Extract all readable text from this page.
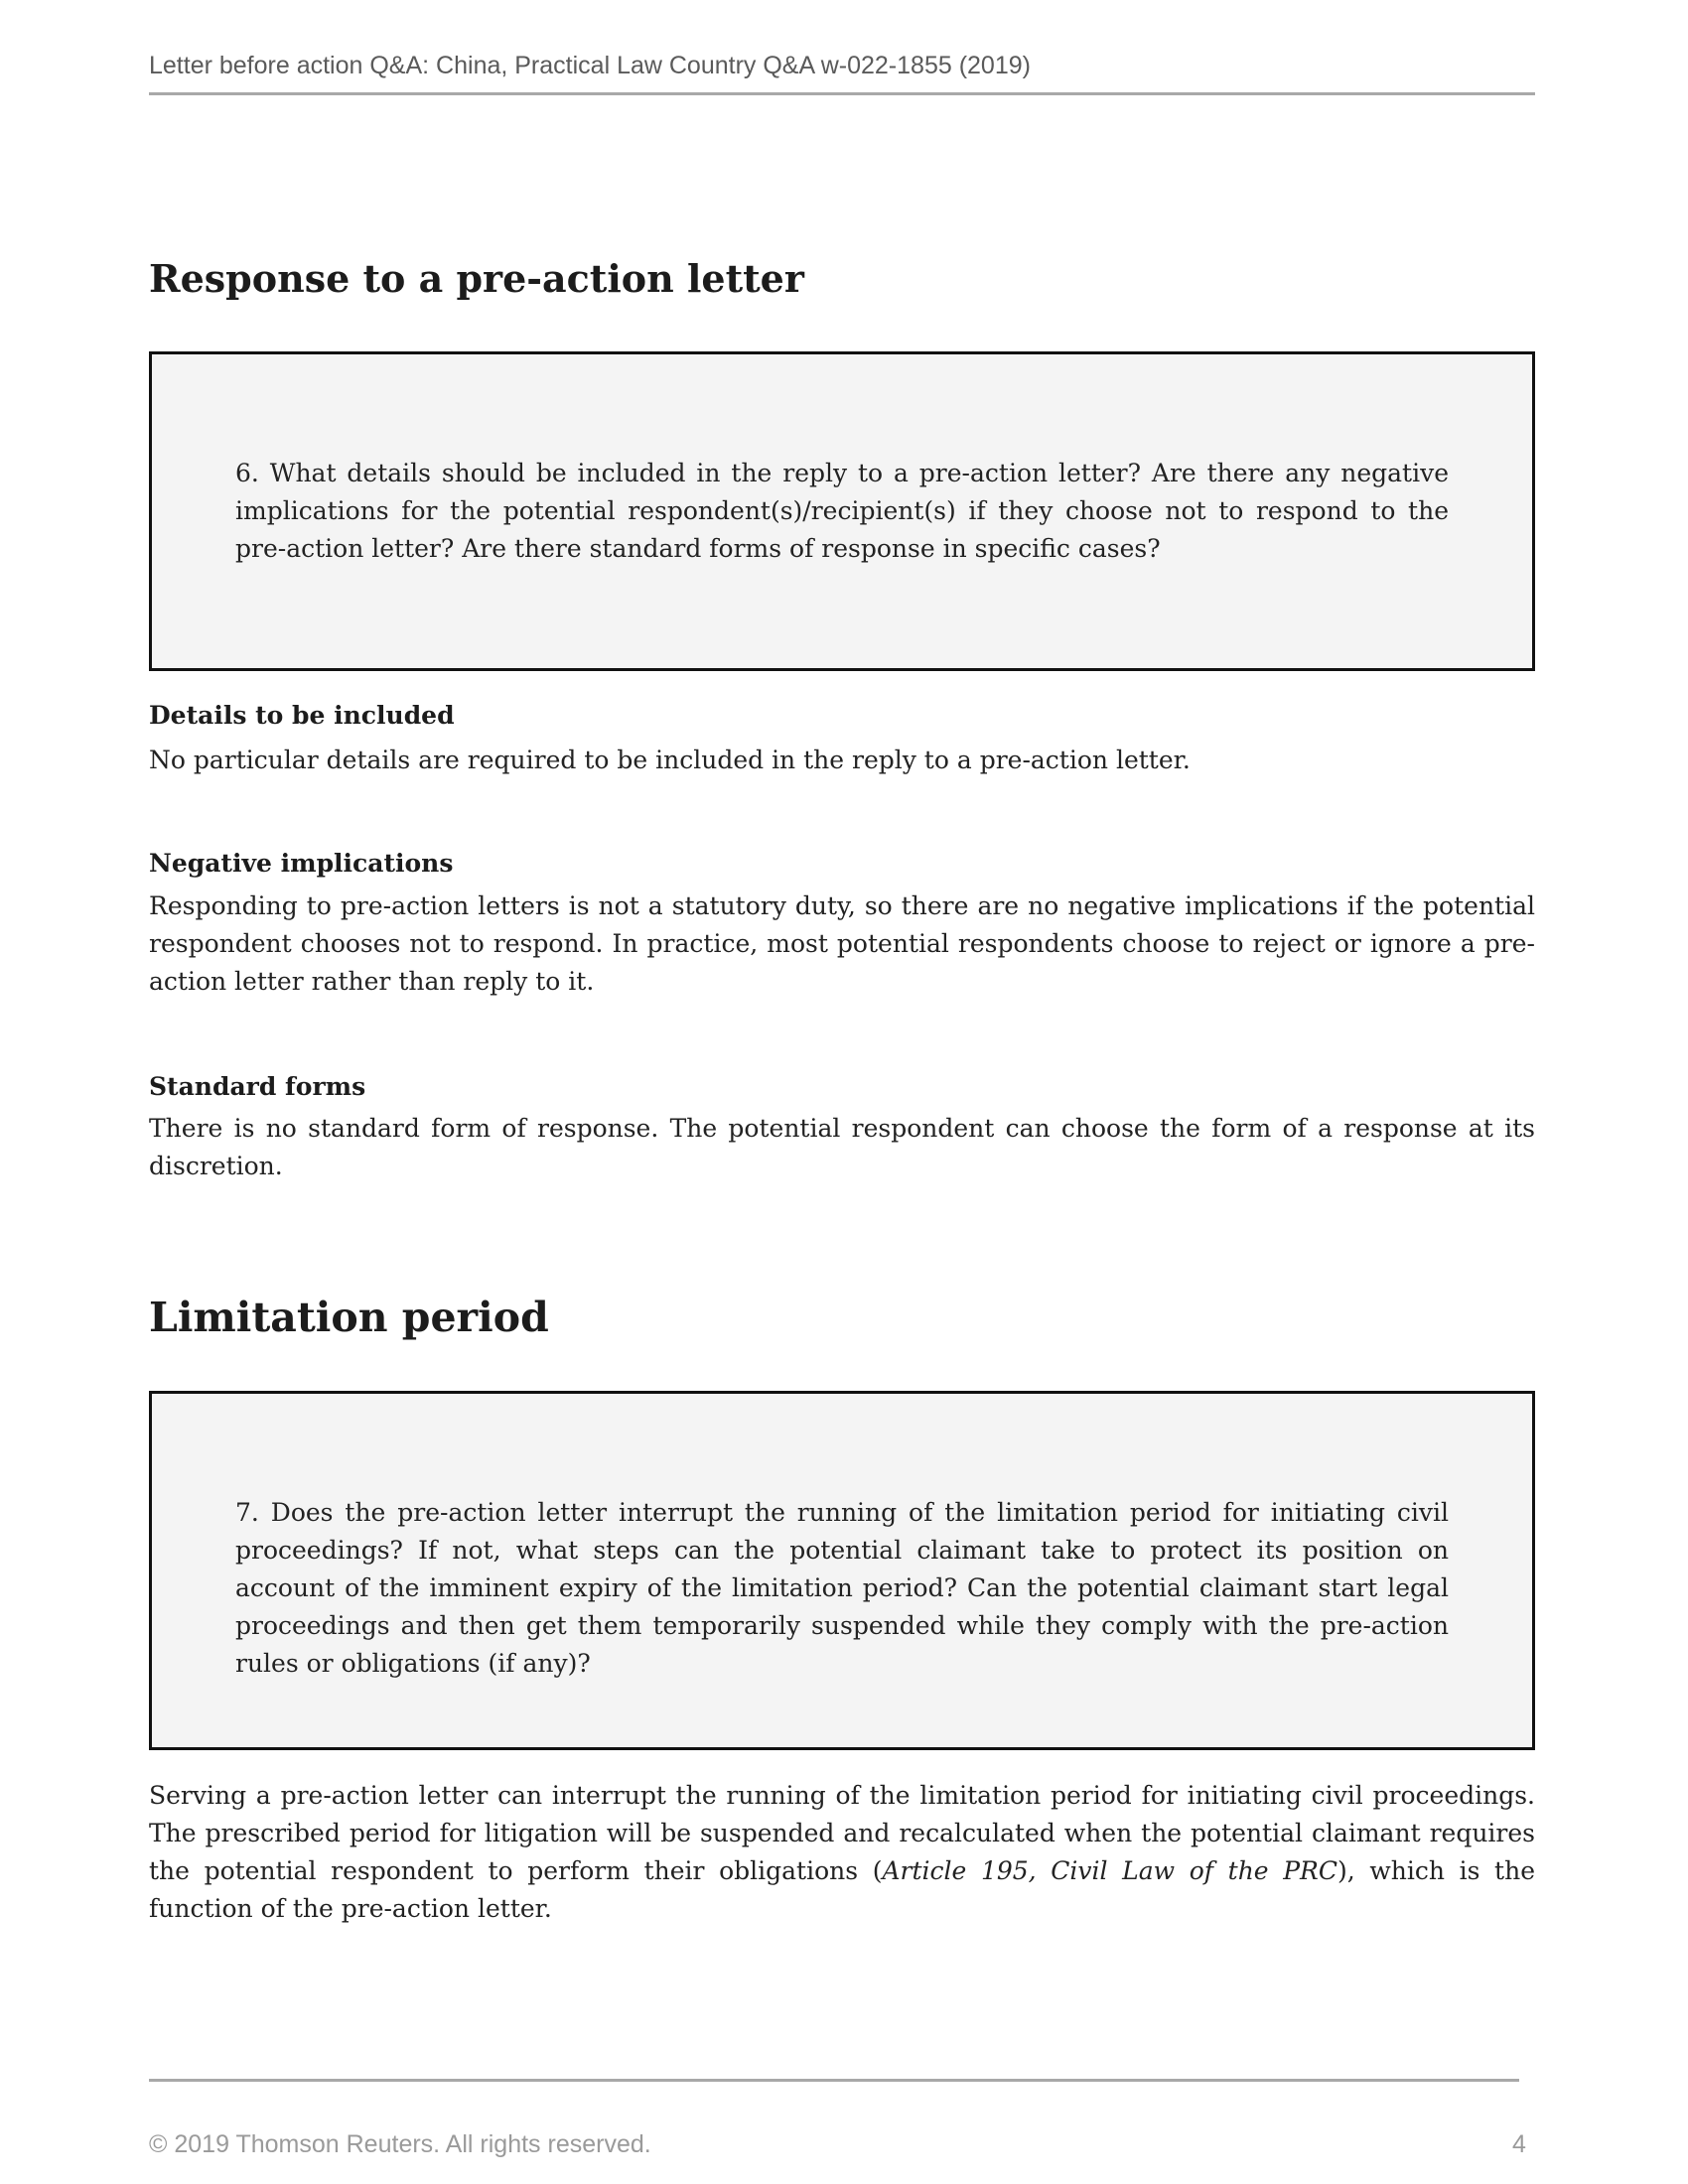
Letter before action Q&A: China, Practical Law Country Q&A w-022-1855 (2019)
Response to a pre-action letter

6. What details should be included in the reply to a pre-action letter? Are there any negative implications for the potential respondent(s)/recipient(s) if they choose not to respond to the pre-action letter? Are there standard forms of response in specific cases?

Details to be included

No particular details are required to be included in the reply to a pre-action letter.

Negative implications

Responding to pre-action letters is not a statutory duty, so there are no negative implications if the potential respondent chooses not to respond. In practice, most potential respondents choose to reject or ignore a pre-action letter rather than reply to it.

Standard forms

There is no standard form of response. The potential respondent can choose the form of a response at its discretion.

Limitation period

7. Does the pre-action letter interrupt the running of the limitation period for initiating civil proceedings? If not, what steps can the potential claimant take to protect its position on account of the imminent expiry of the limitation period? Can the potential claimant start legal proceedings and then get them temporarily suspended while they comply with the pre-action rules or obligations (if any)?

Serving a pre-action letter can interrupt the running of the limitation period for initiating civil proceedings. The prescribed period for litigation will be suspended and recalculated when the potential claimant requires the potential respondent to perform their obligations (Article 195, Civil Law of the PRC), which is the function of the pre-action letter.

© 2019 Thomson Reuters. All rights reserved.	4
